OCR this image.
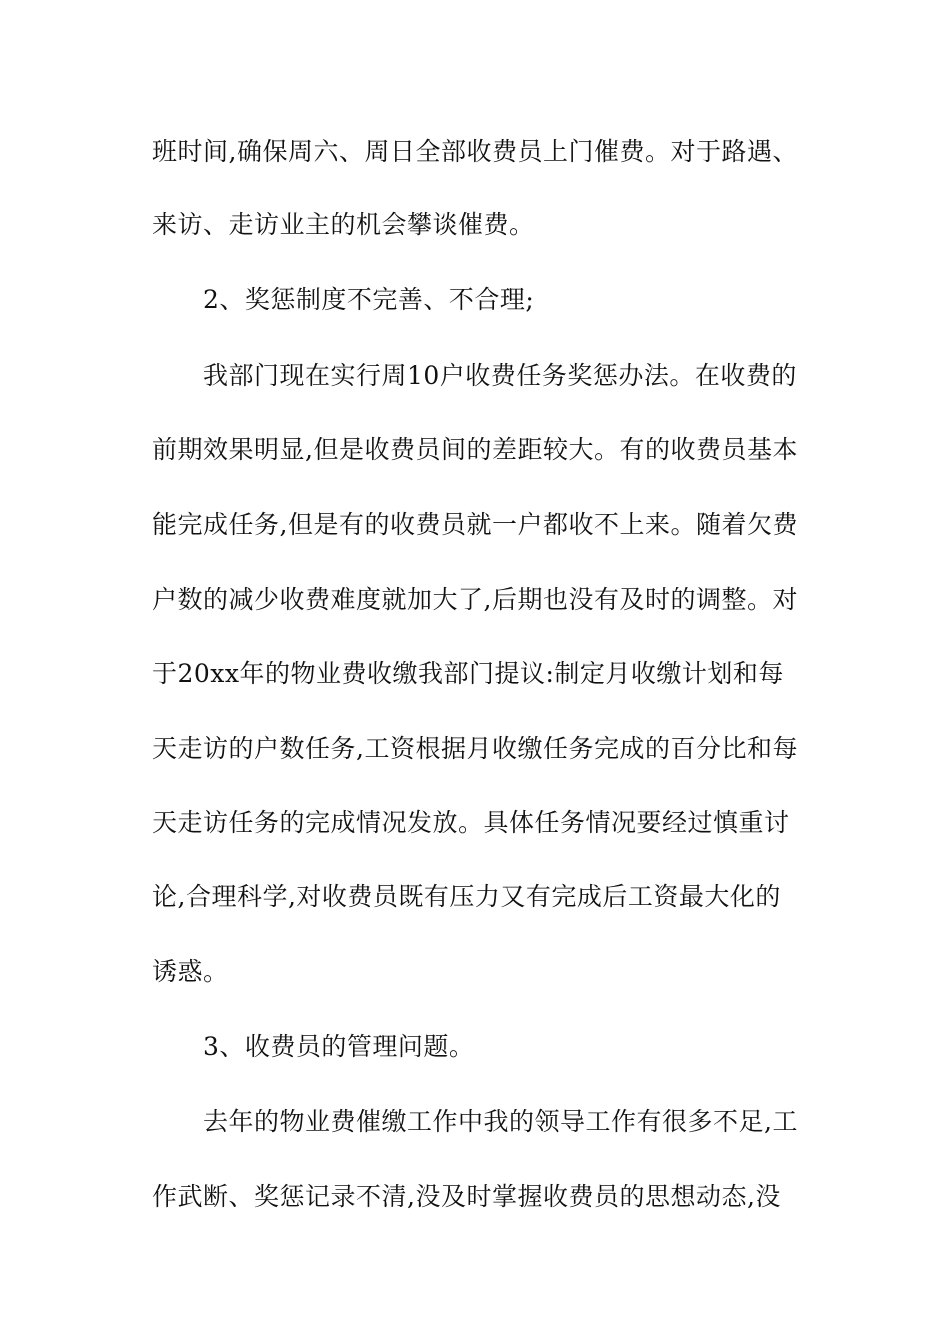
班时间,确保周六、周日全部收费员上门催费。对于路遇、
来访、走访业主的机会攀谈催费。
2、奖惩制度不完善、不合理;
我部门现在实行周10户收费任务奖惩办法。在收费的
前期效果明显,但是收费员间的差距较大。有的收费员基本
能完成任务,但是有的收费员就一户都收不上来。随着欠费
户数的减少收费难度就加大了,后期也没有及时的调整。对
于20xx年的物业费收缴我部门提议:制定月收缴计划和每
天走访的户数任务,工资根据月收缴任务完成的百分比和每
天走访任务的完成情况发放。具体任务情况要经过慎重讨
论,合理科学,对收费员既有压力又有完成后工资最大化的
诱惑。
3、收费员的管理问题。
去年的物业费催缴工作中我的领导工作有很多不足,工
作武断、奖惩记录不清,没及时掌握收费员的思想动态,没
